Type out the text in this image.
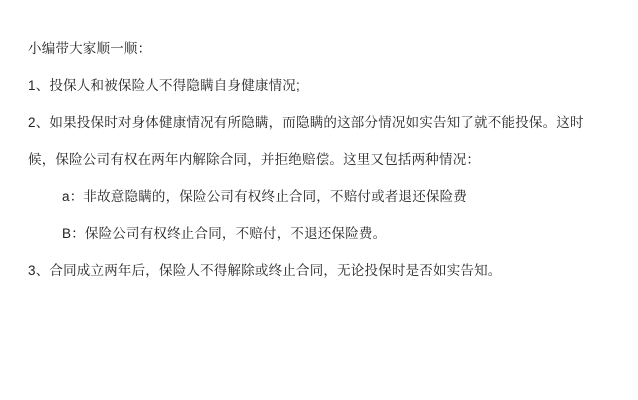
小编带大家顺一顺：

1、投保人和被保险人不得隐瞒自身健康情况;

2、如果投保时对身体健康情况有所隐瞒，而隐瞒的这部分情况如实告知了就不能投保。这时候，保险公司有权在两年内解除合同，并拒绝赔偿。这里又包括两种情况：

a：非故意隐瞒的，保险公司有权终止合同，不赔付或者退还保险费

B：保险公司有权终止合同，不赔付，不退还保险费。

3、合同成立两年后，保险人不得解除或终止合同，无论投保时是否如实告知。
